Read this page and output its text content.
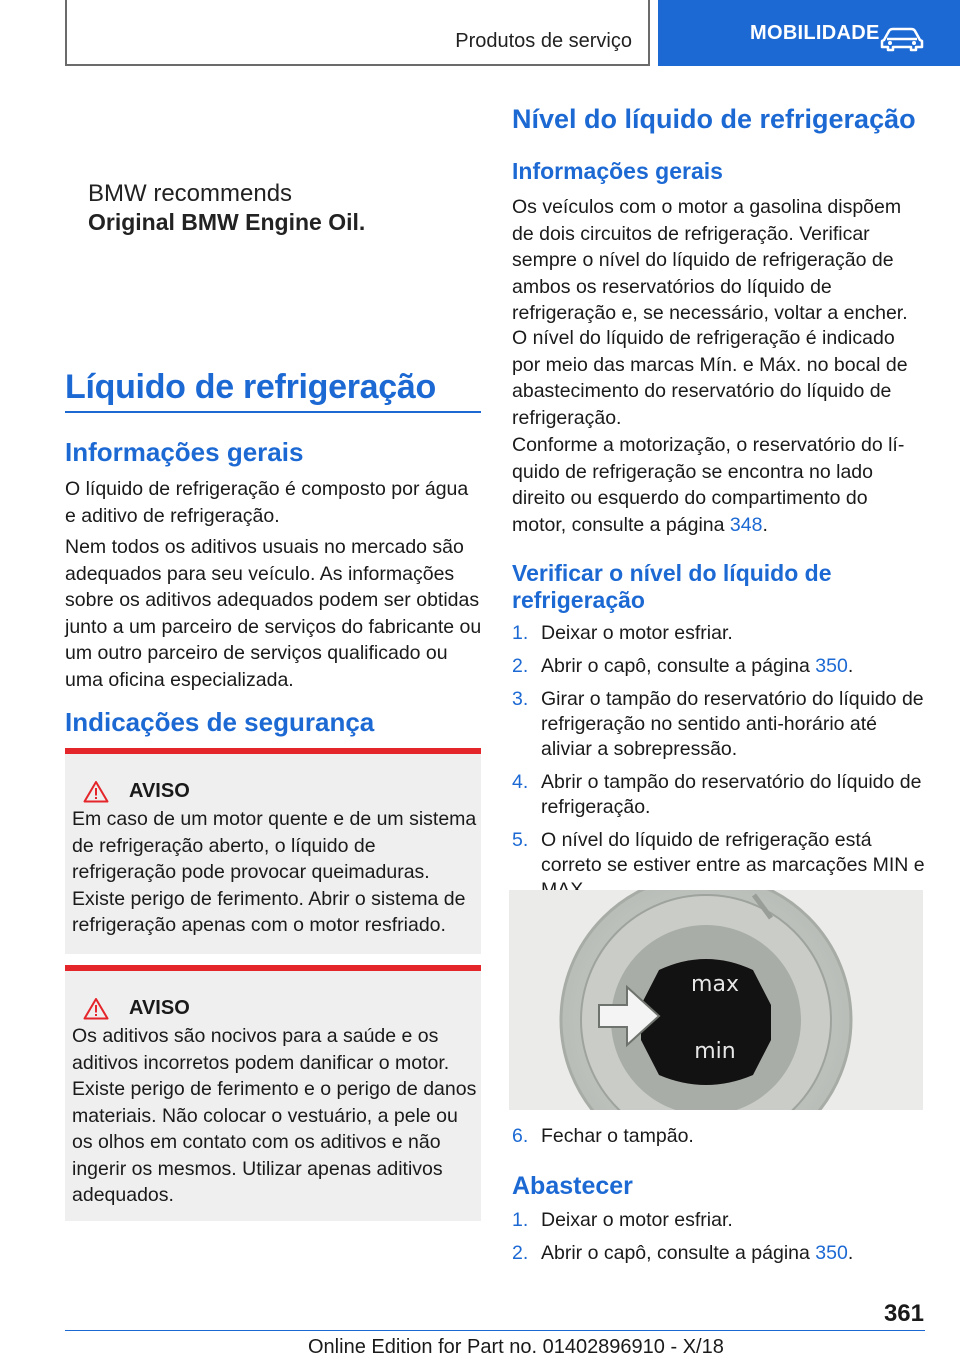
Produtos de serviço	MOBILIDADE
BMW recommends
Original BMW Engine Oil.
Líquido de refrigeração
Informações gerais
O líquido de refrigeração é composto por água e aditivo de refrigeração.
Nem todos os aditivos usuais no mercado são adequados para seu veículo. As informações sobre os aditivos adequados podem ser obtidas junto a um parceiro de serviços do fabricante ou um outro parceiro de serviços qualificado ou uma oficina especializada.
Indicações de segurança
AVISO
Em caso de um motor quente e de um sistema de refrigeração aberto, o líquido de refrigeração pode provocar queimaduras. Existe perigo de ferimento. Abrir o sistema de refrigeração apenas com o motor resfriado.
AVISO
Os aditivos são nocivos para a saúde e os aditivos incorretos podem danificar o motor. Existe perigo de ferimento e o perigo de danos materiais. Não colocar o vestuário, a pele ou os olhos em contato com os aditivos e não ingerir os mesmos. Utilizar apenas aditivos adequados.
Nível do líquido de refrigeração
Informações gerais
Os veículos com o motor a gasolina dispõem de dois circuitos de refrigeração. Verificar sempre o nível do líquido de refrigeração de ambos os reservatórios do líquido de refrigeração e, se necessário, voltar a encher.
O nível do líquido de refrigeração é indicado por meio das marcas Mín. e Máx. no bocal de abastecimento do reservatório do líquido de refrigeração.
Conforme a motorização, o reservatório do líquido de refrigeração se encontra no lado direito ou esquerdo do compartimento do motor, consulte a página 348.
Verificar o nível do líquido de refrigeração
1. Deixar o motor esfriar.
2. Abrir o capô, consulte a página 350.
3. Girar o tampão do reservatório do líquido de refrigeração no sentido anti-horário até aliviar a sobrepressão.
4. Abrir o tampão do reservatório do líquido de refrigeração.
5. O nível do líquido de refrigeração está correto se estiver entre as marcações MIN e
max
min
6. Fechar o tampão.
Abastecer
1. Deixar o motor esfriar.
2. Abrir o capô, consulte a página 350.
361
Online Edition for Part no. 01402896910 - X/18
